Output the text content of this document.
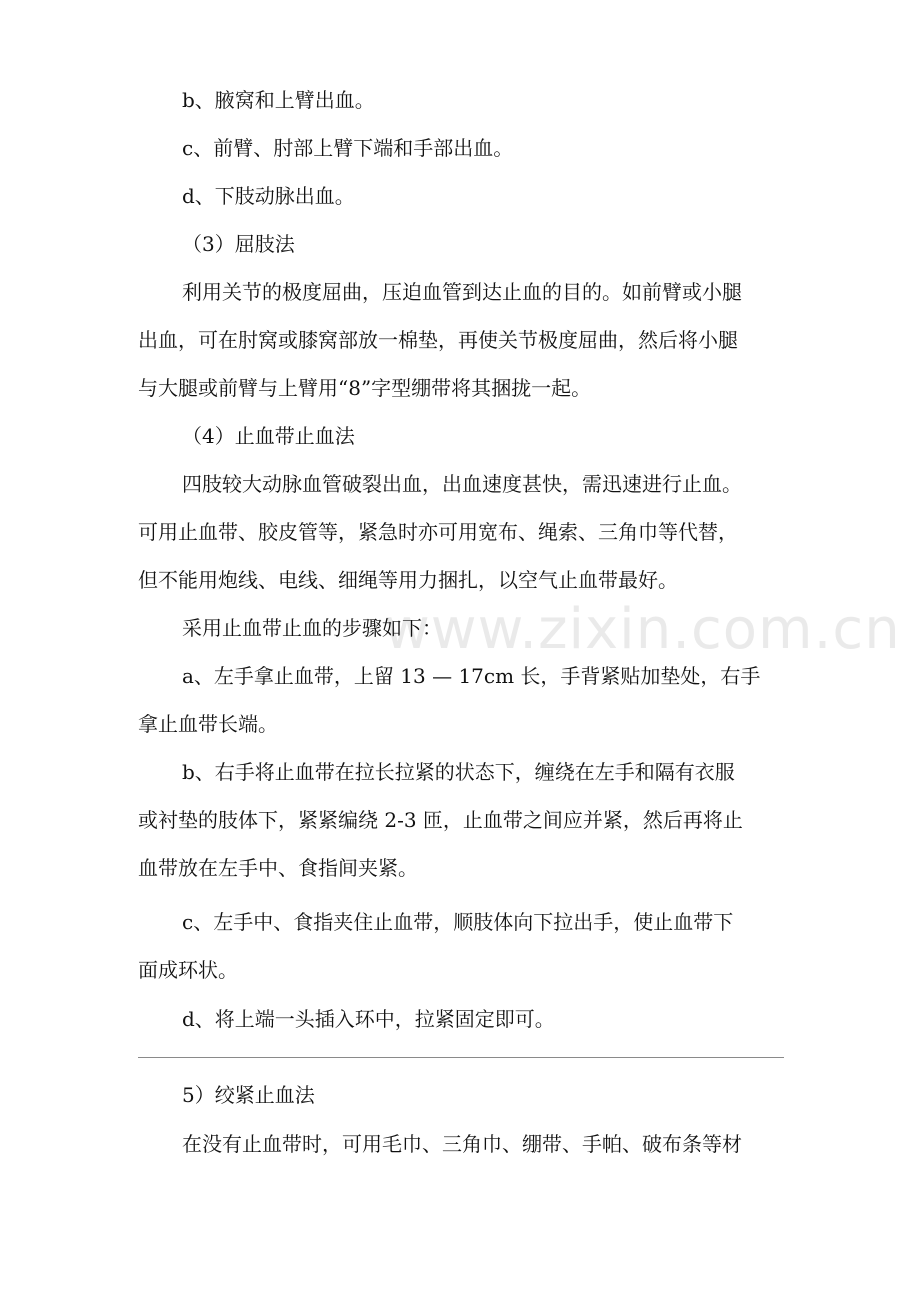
www.zixin.com.cn
b、腋窝和上臂出血。
c、前臂、肘部上臂下端和手部出血。
d、下肢动脉出血。
（3）屈肢法
利用关节的极度屈曲，压迫血管到达止血的目的。如前臂或小腿
出血，可在肘窝或膝窝部放一棉垫，再使关节极度屈曲，然后将小腿
与大腿或前臂与上臂用“8”字型绷带将其捆拢一起。
（4）止血带止血法
四肢较大动脉血管破裂出血，出血速度甚快，需迅速进行止血。
可用止血带、胶皮管等，紧急时亦可用宽布、绳索、三角巾等代替，
但不能用炮线、电线、细绳等用力捆扎，以空气止血带最好。
采用止血带止血的步骤如下：
a、左手拿止血带，上留 13 — 17cm 长，手背紧贴加垫处，右手
拿止血带长端。
b、右手将止血带在拉长拉紧的状态下，缠绕在左手和隔有衣服
或衬垫的肢体下，紧紧编绕 2-3 匝，止血带之间应并紧，然后再将止
血带放在左手中、食指间夹紧。
c、左手中、食指夹住止血带，顺肢体向下拉出手，使止血带下
面成环状。
d、将上端一头插入环中，拉紧固定即可。
5）绞紧止血法
在没有止血带时，可用毛巾、三角巾、绷带、手帕、破布条等材
